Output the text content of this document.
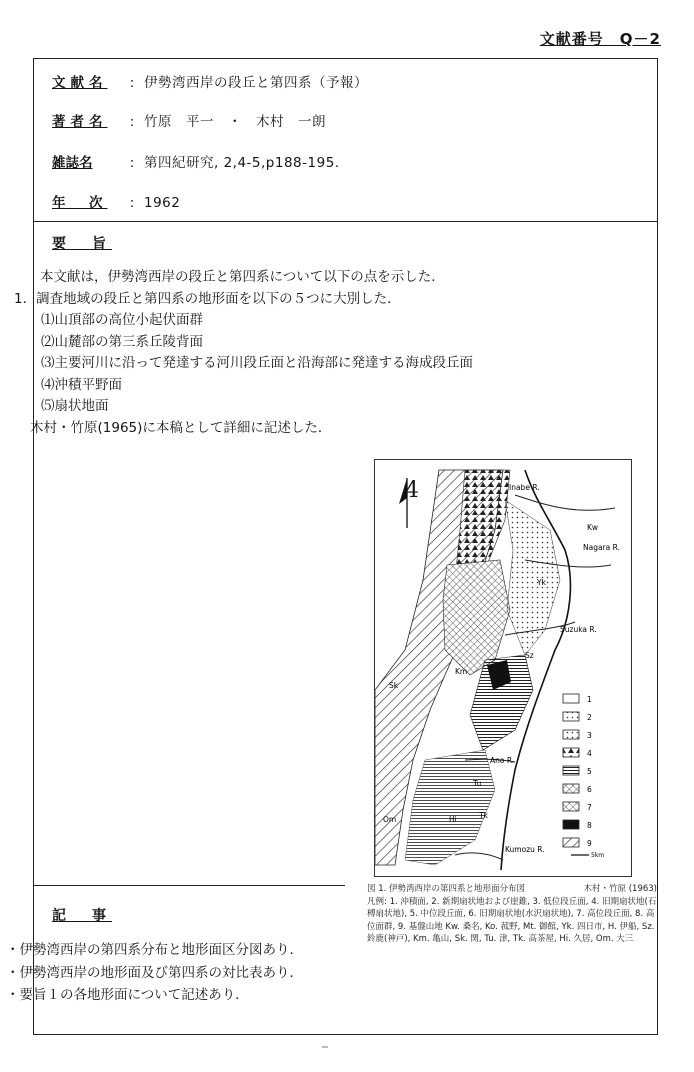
文献番号　Q－2
文献名	: 伊勢湾西岸の段丘と第四系（予報）
著者名	: 竹原　平一　・　木村　一朗
雑誌名	: 第四紀研究, 2,4-5,p188-195.
年　次	: 1962
要　旨
本文献は，伊勢湾西岸の段丘と第四系について以下の点を示した．
1．調査地域の段丘と第四系の地形面を以下の５つに大別した．
⑴山頂部の高位小起伏面群
⑵山麓部の第三系丘陵背面
⑶主要河川に沿って発達する河川段丘面と沿海部に発達する海成段丘面
⑷沖積平野面
⑸扇状地面
木村・竹原(1965)に本稿として詳細に記述した．
Inabe R.
Kw
Nagara R.
Yk
Suzuka R.
Sz
Sk
Km
Ano R.
Tu
Om	Hi	Tk
Kumozu R.
5km
1
2
3
4
5
6
7
8
9
4
図 1. 伊勢湾西岸の第四系と地形面分布図	木村・竹原 (1963)
凡例: 1. 沖積面, 2. 新期扇状地および崖錐, 3. 低位段丘面, 4. 旧期扇状地(石榑扇状地), 5. 中位段丘面, 6. 旧期扇状地(水沢扇状地), 7. 高位段丘面, 8. 高位面群, 9. 基盤山地 Kw. 桑名, Ko. 菰野, Mt. 御館, Yk. 四日市, H. 伊船, Sz. 鈴鹿(神戸), Km. 亀山, Sk. 関, Tu. 津, Tk. 高茶屋, Hi. 久居, Om. 大三
記　事
・伊勢湾西岸の第四系分布と地形面区分図あり．
・伊勢湾西岸の地形面及び第四系の対比表あり．
・要旨１の各地形面について記述あり．
